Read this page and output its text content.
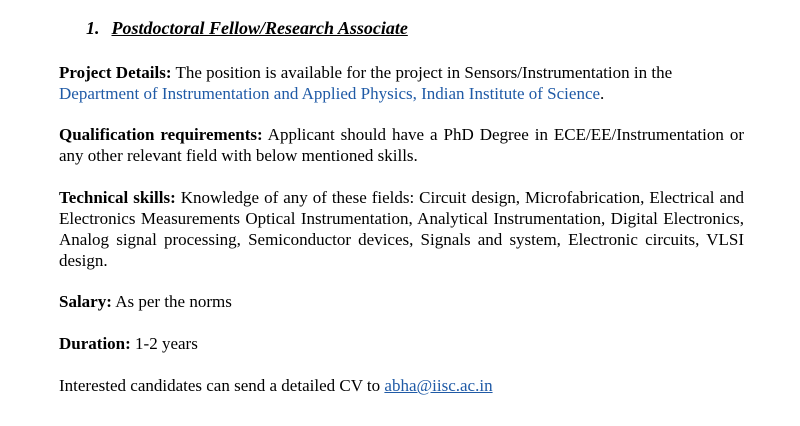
1. Postdoctoral Fellow/Research Associate

Project Details: The position is available for the project in Sensors/Instrumentation in the Department of Instrumentation and Applied Physics, Indian Institute of Science.

Qualification requirements: Applicant should have a PhD Degree in ECE/EE/Instrumentation or any other relevant field with below mentioned skills.

Technical skills: Knowledge of any of these fields: Circuit design, Microfabrication, Electrical and Electronics Measurements Optical Instrumentation, Analytical Instrumentation, Digital Electronics, Analog signal processing, Semiconductor devices, Signals and system, Electronic circuits, VLSI design.

Salary: As per the norms

Duration: 1-2 years

Interested candidates can send a detailed CV to abha@iisc.ac.in
